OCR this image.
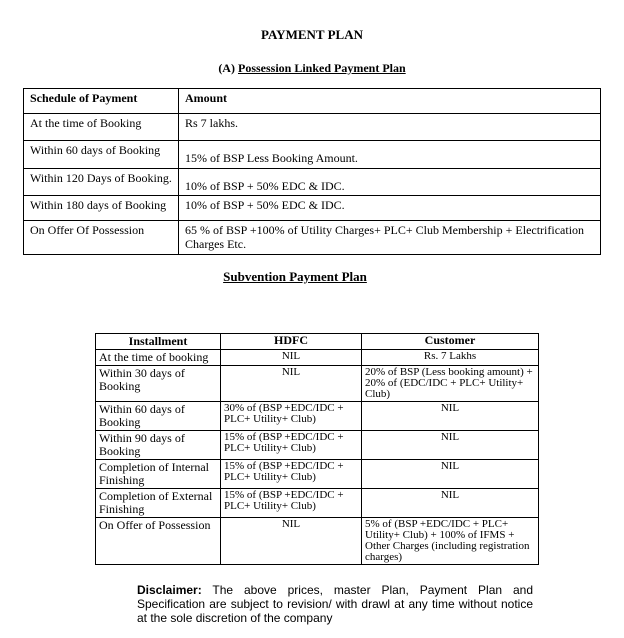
PAYMENT PLAN
(A) Possession Linked Payment Plan
Schedule of Payment	Amount
At the time of Booking	Rs 7 lakhs.
Within 60 days of Booking	15% of BSP Less Booking Amount.

Within 120 Days of Booking.	10% of BSP + 50% EDC & IDC.

Within 180 days of Booking	10% of BSP + 50% EDC & IDC.
On Offer Of Possession	65 % of BSP +100% of Utility Charges+ PLC+ Club Membership + Electrification Charges Etc.
Subvention Payment Plan
Installment	HDFC	Customer
At the time of booking	NIL	Rs. 7 Lakhs
Within 30 days of Booking	NIL	20% of BSP (Less booking amount) + 20% of (EDC/IDC + PLC+ Utility+ Club)
Within 60 days of Booking	30% of (BSP +EDC/IDC + PLC+ Utility+ Club)	NIL
Within 90 days of Booking	15% of (BSP +EDC/IDC + PLC+ Utility+ Club)	NIL
Completion of Internal Finishing	15% of (BSP +EDC/IDC + PLC+ Utility+ Club)	NIL
Completion of External Finishing	15% of (BSP +EDC/IDC + PLC+ Utility+ Club)	NIL
On Offer of Possession	NIL	5% of (BSP +EDC/IDC + PLC+ Utility+ Club) + 100% of IFMS + Other Charges (including registration charges)
Disclaimer: The above prices, master Plan, Payment Plan and Specification are subject to revision/ with drawl at any time without notice at the sole discretion of the company
